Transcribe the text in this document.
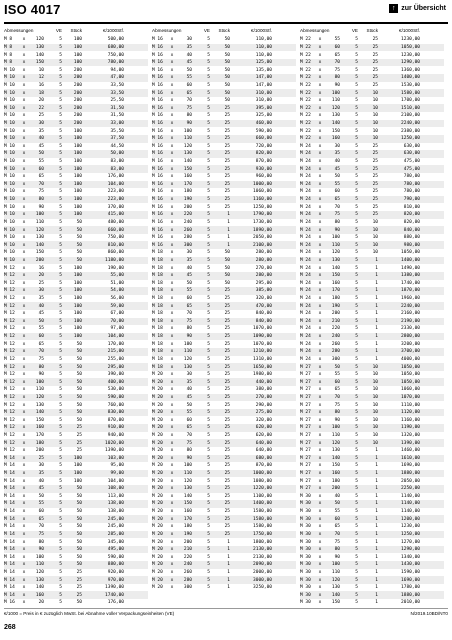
ISO 4017	↑ zur Übersicht
Abmessungen	VE	Stück	€/1000Stf.	Abmessungen	VE	Stück	€/1000Stf.	Abmessungen	VE	Stück	€/1000Stf.
M 8 x 120	5	100	500,00
M 8 x 130	5	100	680,00
M 8 x 140	5	100	750,00
M 8 x 150	5	100	780,00
M 10 x	10	5	200	94,00
M 10 x	12	5	200	47,00
M 10 x	16	5	200	33,50
M 10 x	18	5	200	33,50
M 10 x	20	5	200	25,50
M 10 x	22	5	200	31,50
M 10 x	25	5	200	31,50
M 10 x	30	5	200	33,00
M 10 x	35	5	100	35,50
M 10 x	40	5	100	37,50
M 10 x	45	5	100	44,50
M 10 x	50	5	100	50,00
M 10 x	55	5	100	83,00
M 10 x	60	5	100	83,00
M 10 x	65	5	100	176,00
M 10 x	70	5	100	104,00
M 10 x	75	5	100	223,00
M 10 x	80	5	100	223,00
M 10 x	90	5	100	370,00
M 10 x 100	5	100	415,00
M 10 x 110	5	50	480,00
M 10 x 120	5	50	660,00
M 10 x 130	5	50	750,00
M 10 x 140	5	50	810,00
M 10 x 150	5	50	860,00
M 10 x 200	5	50	1180,00
M 12 x	16	5	100	190,00
M 12 x	20	5	100	55,00
M 12 x	25	5	100	51,00
M 12 x	30	5	100	54,00
M 12 x	35	5	100	56,00
M 12 x	40	5	100	59,00
M 12 x	45	5	100	67,00
M 12 x	50	5	100	70,00
M 12 x	55	5	100	97,00
M 12 x	60	5	100	104,00
M 12 x	65	5	50	170,00
M 12 x	70	5	50	215,00
M 12 x	75	5	50	255,00
M 12 x	80	5	50	295,00
M 12 x	90	5	50	390,00
M 12 x 100	5	50	400,00
M 12 x 110	5	50	530,00
M 12 x 120	5	50	590,00
M 12 x 130	5	50	760,00
M 12 x 140	5	50	830,00
M 12 x 150	5	50	870,00
M 12 x 160	5	25	910,00
M 12 x 170	5	25	940,00
M 12 x 180	5	25	1020,00
M 12 x 200	5	25	1390,00
M 14 x	25	5	100	103,00
M 14 x	30	5	100	95,00
M 14 x	35	5	100	99,00
M 14 x	40	5	100	104,00
M 14 x	45	5	50	108,00
M 14 x	50	5	50	113,00
M 14 x	55	5	50	138,00
M 14 x	60	5	50	138,00
M 14 x	65	5	50	245,00
M 14 x	70	5	50	245,00
M 14 x	75	5	50	285,00
M 14 x	80	5	50	345,00
M 14 x	90	5	50	495,00
M 14 x 100	5	50	590,00
M 14 x 110	5	50	880,00
M 14 x 120	5	25	920,00
M 14 x 130	5	25	970,00
M 14 x 140	5	25	1390,00
M 14 x 160	5	25	1740,00
M 16 x	20	5	50	176,00
M 16 x	30	5	50	110,00
M 16 x	35	5	50	110,00
M 16 x	40	5	50	110,00
M 16 x	45	5	50	125,00
M 16 x	50	5	50	135,00
M 16 x	55	5	50	147,00
M 16 x	60	5	50	147,00
M 16 x	65	5	50	310,00
M 16 x	70	5	50	310,00
M 16 x	75	5	25	395,00
M 16 x	80	5	25	325,00
M 16 x	90	5	25	460,00
M 16 x 100	5	25	590,00
M 16 x 110	5	25	660,00
M 16 x 120	5	25	720,00
M 16 x 130	5	25	820,00
M 16 x 140	5	25	870,00
M 16 x 150	5	25	930,00
M 16 x 160	5	25	960,00
M 16 x 170	5	25	1000,00
M 16 x 180	5	25	1060,00
M 16 x 190	5	25	1160,00
M 16 x 200	5	25	1250,00
M 16 x 220	5	1	1790,00
M 16 x 240	5	1	1730,00
M 16 x 260	5	1	1890,00
M 16 x 280	5	1	2050,00
M 16 x 300	5	1	2100,00
M 18 x	30	5	50	280,00
M 18 x	35	5	50	280,00
M 18 x	40	5	50	270,00
M 18 x	45	5	50	280,00
M 18 x	50	5	50	295,00
M 18 x	55	5	25	385,00
M 18 x	60	5	25	320,00
M 18 x	65	5	25	470,00
M 18 x	70	5	25	840,00
M 18 x	75	5	25	840,00
M 18 x	80	5	25	1070,00
M 18 x	90	5	25	1090,00
M 18 x 100	5	25	1070,00
M 18 x 110	5	25	1210,00
M 18 x 120	5	25	1310,00
M 18 x 130	5	25	1650,00
M 20 x	30	5	25	1980,00
M 20 x	35	5	25	440,00
M 20 x	40	5	25	380,00
M 20 x	45	5	25	270,00
M 20 x	50	5	25	290,00
M 20 x	55	5	25	275,00
M 20 x	60	5	25	320,00
M 20 x	65	5	25	620,00
M 20 x	70	5	25	620,00
M 20 x	75	5	25	640,00
M 20 x	80	5	25	640,00
M 20 x	90	5	25	680,00
M 20 x 100	5	25	870,00
M 20 x 110	5	25	1000,00
M 20 x 120	5	25	1080,00
M 20 x 130	5	25	1220,00
M 20 x 140	5	25	1100,00
M 20 x 150	5	25	1400,00
M 20 x 160	5	25	1580,00
M 20 x 170	5	25	1580,00
M 20 x 180	5	25	1580,00
M 20 x 190	5	25	1750,00
M 20 x 200	5	1	1800,00
M 20 x 210	5	1	2130,00
M 20 x 220	5	1	2130,00
M 20 x 240	5	1	2090,00
M 20 x 260	5	1	2000,00
M 20 x 280	5	1	3000,00
M 20 x 300	5	1	3250,00
M 22 x	55	5	25	1230,00
M 22 x	60	5	25	1050,00
M 22 x	65	5	25	1230,00
M 22 x	70	5	25	1290,00
M 22 x	75	5	25	1360,00
M 22 x	80	5	25	1400,00
M 22 x	90	5	25	1530,00
M 22 x 100	5	10	1580,00
M 22 x 110	5	10	1700,00
M 22 x 120	5	10	1510,00
M 22 x 130	5	10	2100,00
M 22 x 140	5	10	2240,00
M 22 x 150	5	10	2380,00
M 22 x 160	5	10	1250,00
M 24 x	30	5	25	630,00
M 24 x	35	5	25	630,00
M 24 x	40	5	25	475,00
M 24 x	45	5	25	475,00
M 24 x	50	5	25	780,00
M 24 x	55	5	25	780,00
M 24 x	60	5	25	780,00
M 24 x	65	5	25	790,00
M 24 x	70	5	25	810,00
M 24 x	75	5	25	820,00
M 24 x	80	5	10	820,00
M 24 x	90	5	10	840,00
M 24 x 100	5	10	880,00
M 24 x 110	5	10	980,00
M 24 x 120	5	10	1050,00
M 24 x 130	5	1	1400,00
M 24 x 140	5	1	1490,00
M 24 x 150	5	1	1380,00
M 24 x 160	5	1	1740,00
M 24 x 170	5	1	1870,00
M 24 x 180	5	1	1960,00
M 24 x 190	5	1	2240,00
M 24 x 200	5	1	2160,00
M 24 x 210	5	1	2190,00
M 24 x 220	5	1	2330,00
M 24 x 240	5	1	2800,00
M 24 x 260	5	1	3200,00
M 24 x 280	5	1	3700,00
M 24 x 300	5	1	4000,00
M 27 x	50	5	10	1050,00
M 27 x	55	5	10	1050,00
M 27 x	60	5	10	1050,00
M 27 x	65	5	10	1060,00
M 27 x	70	5	10	1070,00
M 27 x	75	5	10	1110,00
M 27 x	80	5	10	1120,00
M 27 x	90	5	10	1160,00
M 27 x 100	5	10	1190,00
M 27 x 110	5	10	1320,00
M 27 x 120	5	10	1390,00
M 27 x 130	5	1	1460,00
M 27 x 140	5	1	1610,00
M 27 x 150	5	1	1690,00
M 27 x 160	5	1	1880,00
M 27 x 180	5	1	2050,00
M 27 x 200	5	1	2250,00
M 30 x	40	5	1	1140,00
M 30 x	50	5	1	1140,00
M 30 x	55	5	1	1140,00
M 30 x	60	5	1	1200,00
M 30 x	65	5	1	1230,00
M 30 x	70	5	1	1250,00
M 30 x	75	5	1	1270,00
M 30 x	80	5	1	1290,00
M 30 x	90	5	1	1340,00
M 30 x 100	5	1	1430,00
M 30 x 110	5	1	1590,00
M 30 x 120	5	1	1690,00
M 30 x 130	5	1	1780,00
M 30 x 140	5	1	1880,00
M 30 x 150	5	1	2010,00
€/1000 = Preis in € zuzüglich MwSt. bei Abnahme voller Verpackungseinheiten (VE)	N/2019.10BD/NT0
268
